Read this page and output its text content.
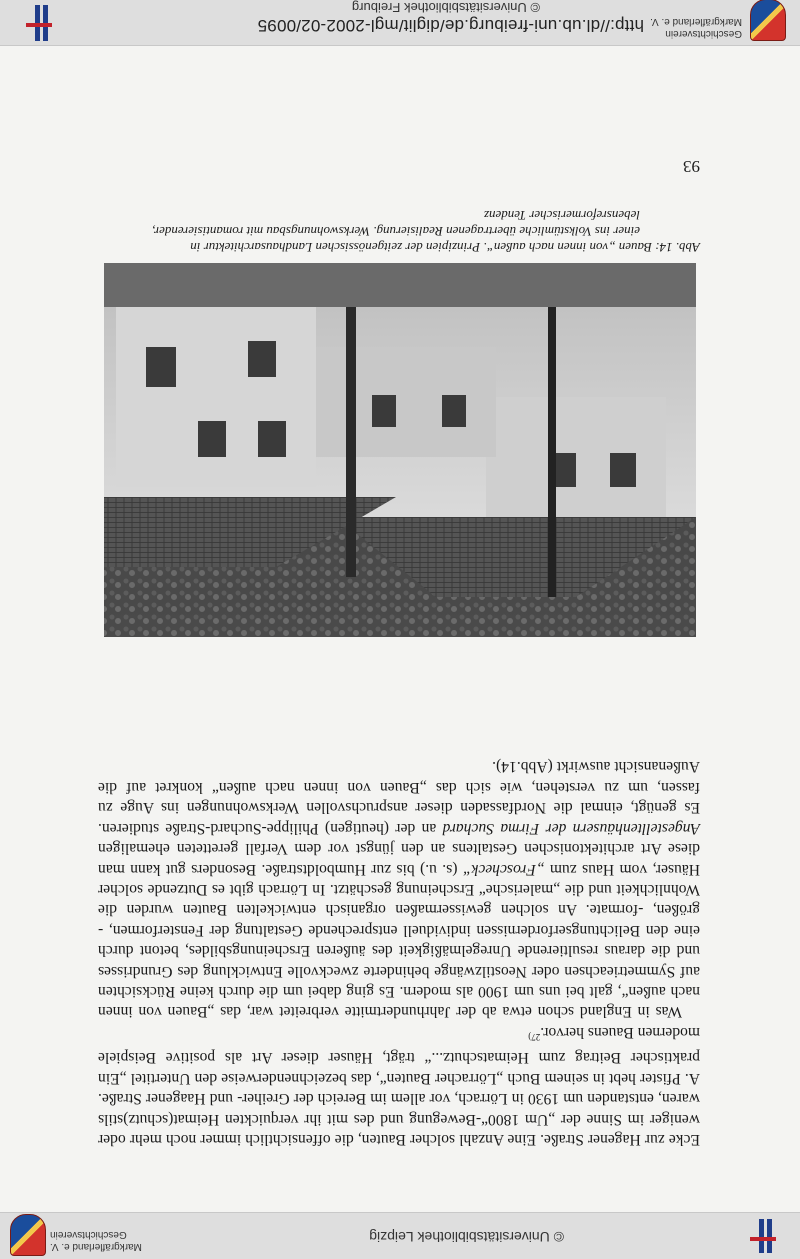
© Universitätsbibliothek Leipzig
Markgräflerland e. V.
Geschichtsverein

Ecke zur Hagener Straße. Eine Anzahl solcher Bauten, die offensichtlich immer noch mehr oder weniger im Sinne der „Um 1800“-Bewegung und des mit ihr verquickten Heimat(schutz)stils waren, entstanden um 1930 in Lörrach, vor allem im Bereich der Greiher- und Haagener Straße. A. Pfister hebt in seinem Buch „Lörracher Bauten“, das bezeichnenderweise den Untertitel „Ein praktischer Beitrag zum Heimatschutz...“ trägt, Häuser dieser Art als positive Beispiele modernen Bauens hervor.$^{27)}$

Was in England schon etwa ab der Jahrhundertmitte verbreitet war, das „Bauen von innen nach außen“, galt bei uns um 1900 als modern. Es ging dabei um die durch keine Rücksichten auf Symmetrieachsen oder Neostilzwänge behinderte zweckvolle Entwicklung des Grundrisses und die daraus resultierende Unregelmäßigkeit des äußeren Erscheinungsbildes, betont durch eine den Belichtungserfordernissen individuell entsprechende Gestaltung der Fensterformen, -größen, -formate. An solchen gewissermaßen organisch entwickelten Bauten wurden die Wohnlichkeit und die „malerische“ Erscheinung geschätzt. In Lörrach gibt es Dutzende solcher Häuser, vom Haus zum „Froscheck“ (s. u.) bis zur Humboldtstraße. Besonders gut kann man diese Art architektonischen Gestaltens an den jüngst vor dem Verfall geretteten ehemaligen Angestelltenhäusern der Firma Suchard an der (heutigen) Philippe-Suchard-Straße studieren. Es genügt, einmal die Nordfassaden dieser anspruchsvollen Werkswohnungen ins Auge zu fassen, um zu verstehen, wie sich das „Bauen von innen nach außen“ konkret auf die Außenansicht auswirkt (Abb.14).

Abb. 14: Bauen „von innen nach außen“. Prinzipien der zeitgenössischen Landhausarchitektur in
einer ins Volkstümliche übertragenen Realisierung. Werkswohnungsbau mit romantisierender,
lebensreformerischer Tendenz
93
Geschichtsverein
Markgräflerland e. V.
http://dl.ub.uni-freiburg.de/diglit/mgl-2002-02/0095
© Universitätsbibliothek Freiburg
